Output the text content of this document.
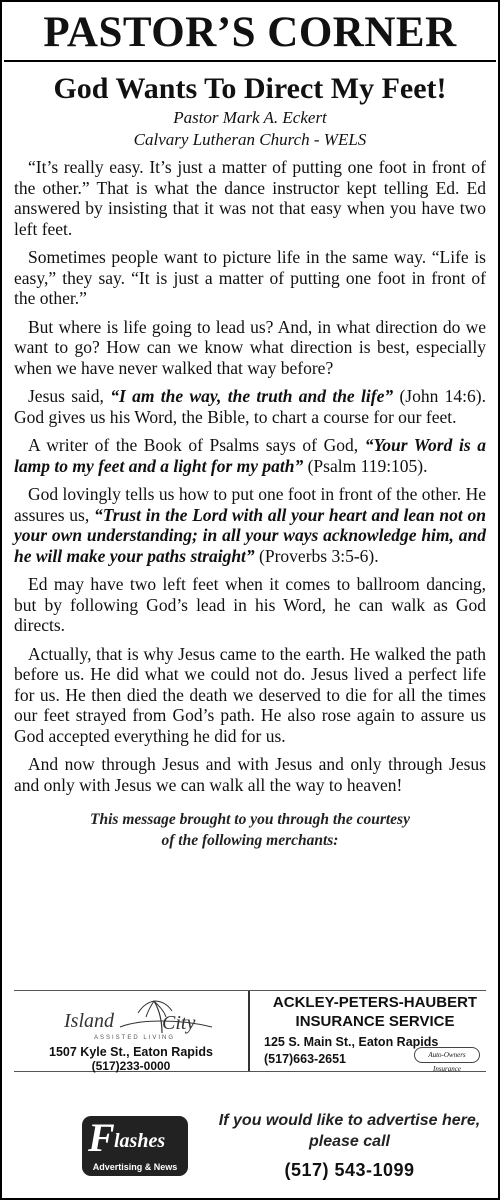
PASTOR’S CORNER
God Wants To Direct My Feet!
Pastor Mark A. Eckert
Calvary Lutheran Church - WELS

“It’s really easy. It’s just a matter of putting one foot in front of the other.” That is what the dance instructor kept telling Ed. Ed answered by insisting that it was not that easy when you have two left feet.

Sometimes people want to picture life in the same way. “Life is easy,” they say. “It is just a matter of putting one foot in front of the other.”

But where is life going to lead us? And, in what direction do we want to go? How can we know what direction is best, especially when we have never walked that way before?

Jesus said, “I am the way, the truth and the life” (John 14:6). God gives us his Word, the Bible, to chart a course for our feet.

A writer of the Book of Psalms says of God, “Your Word is a lamp to my feet and a light for my path” (Psalm 119:105).

God lovingly tells us how to put one foot in front of the other. He assures us, “Trust in the Lord with all your heart and lean not on your own understanding; in all your ways acknowledge him, and he will make your paths straight” (Proverbs 3:5-6).

Ed may have two left feet when it comes to ballroom dancing, but by following God’s lead in his Word, he can walk as God directs.

Actually, that is why Jesus came to the earth. He walked the path before us. He did what we could not do. Jesus lived a perfect life for us. He then died the death we deserved to die for all the times our feet strayed from God’s path. He also rose again to assure us God accepted everything he did for us.

And now through Jesus and with Jesus and only through Jesus and only with Jesus we can walk all the way to heaven!

This message brought to you through the courtesy
of the following merchants:
Island City
ASSISTED LIVING
1507 Kyle St., Eaton Rapids
(517)233-0000
ACKLEY-PETERS-HAUBERT
INSURANCE SERVICE
125 S. Main St., Eaton Rapids
(517)663-2651	Auto-Owners Insurance
F lashes
Advertising & News
If you would like to advertise here,
please call
(517) 543-1099
